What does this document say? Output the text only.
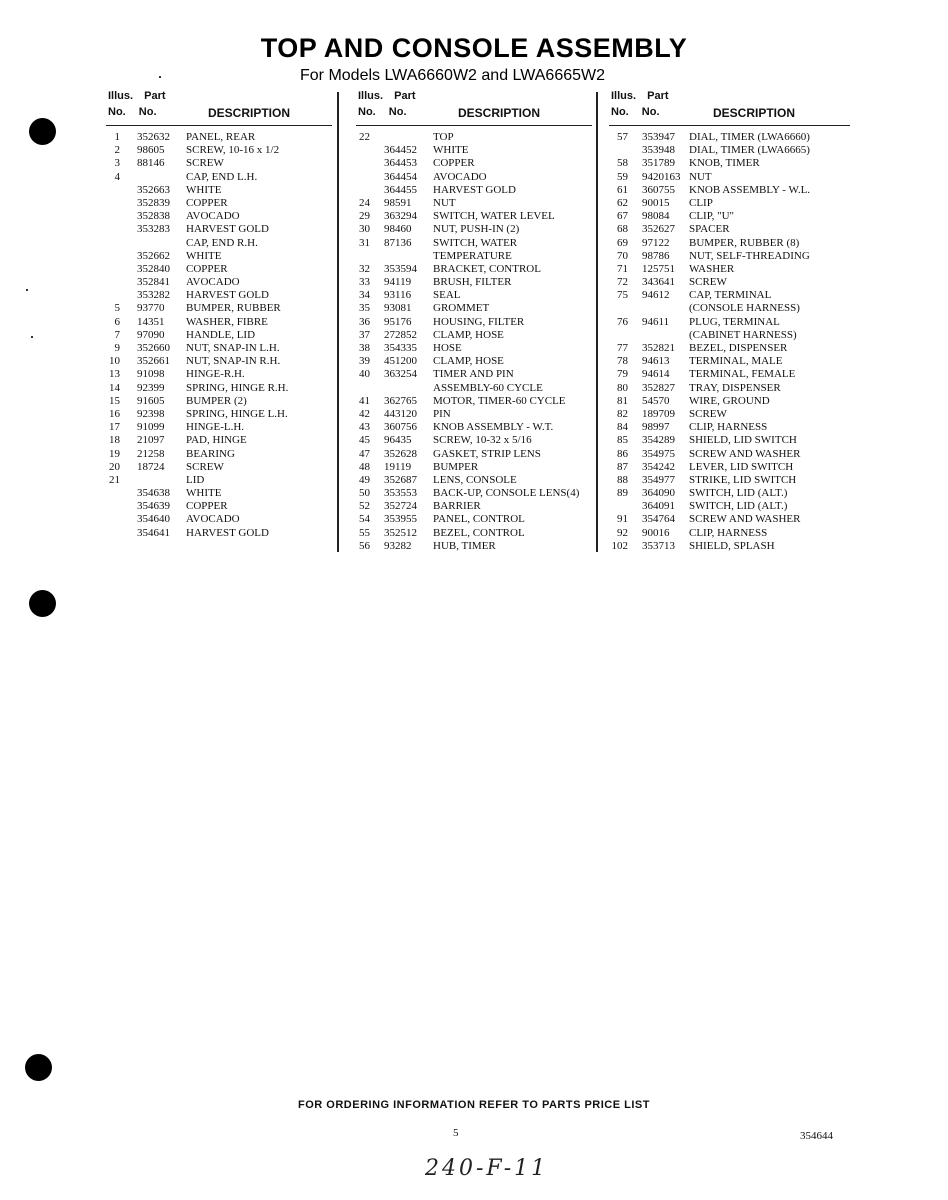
TOP AND CONSOLE ASSEMBLY
For Models LWA6660W2 and LWA6665W2
Illus. Part
No. No.	DESCRIPTION
1 352632 PANEL, REAR
2 98605 SCREW, 10-16 x 1/2
3 88146 SCREW
4	CAP, END L.H.
352663 WHITE
352839 COPPER
352838 AVOCADO
353283 HARVEST GOLD
CAP, END R.H.
352662 WHITE
352840 COPPER
352841 AVOCADO
353282 HARVEST GOLD
5 93770 BUMPER, RUBBER
6 14351 WASHER, FIBRE
7 97090 HANDLE, LID
9 352660 NUT, SNAP-IN L.H.
10 352661 NUT, SNAP-IN R.H.
13 91098 HINGE-R.H.
14 92399 SPRING, HINGE R.H.
15 91605 BUMPER (2)
16 92398 SPRING, HINGE L.H.
17 91099 HINGE-L.H.
18 21097 PAD, HINGE
19 21258 BEARING
20 18724 SCREW
21	LID
354638 WHITE
354639 COPPER
354640 AVOCADO
354641 HARVEST GOLD
Illus. Part
No. No.	DESCRIPTION
22	TOP
364452 WHITE
364453 COPPER
364454 AVOCADO
364455 HARVEST GOLD
24 98591 NUT
29 363294 SWITCH, WATER LEVEL
30 98460 NUT, PUSH-IN (2)
31 87136 SWITCH, WATER
TEMPERATURE
32 353594 BRACKET, CONTROL
33 94119 BRUSH, FILTER
34 93116 SEAL
35 93081 GROMMET
36 95176 HOUSING, FILTER
37 272852 CLAMP, HOSE
38 354335 HOSE
39 451200 CLAMP, HOSE
40 363254 TIMER AND PIN
ASSEMBLY-60 CYCLE
41 362765 MOTOR, TIMER-60 CYCLE
42 443120 PIN
43 360756 KNOB ASSEMBLY - W.T.
45 96435 SCREW, 10-32 x 5/16
47 352628 GASKET, STRIP LENS
48 19119 BUMPER
49 352687 LENS, CONSOLE
50 353553 BACK-UP, CONSOLE LENS(4)
52 352724 BARRIER
54 353955 PANEL, CONTROL
55 352512 BEZEL, CONTROL
56 93282 HUB, TIMER
Illus. Part
No. No.	DESCRIPTION
57 353947 DIAL, TIMER (LWA6660)
353948 DIAL, TIMER (LWA6665)
58 351789 KNOB, TIMER
59 9420163 NUT
61 360755 KNOB ASSEMBLY - W.L.
62 90015 CLIP
67 98084 CLIP, "U"
68 352627 SPACER
69 97122 BUMPER, RUBBER (8)
70 98786 NUT, SELF-THREADING
71 125751 WASHER
72 343641 SCREW
75 94612 CAP, TERMINAL
(CONSOLE HARNESS)
76 94611 PLUG, TERMINAL
(CABINET HARNESS)
77 352821 BEZEL, DISPENSER
78 94613 TERMINAL, MALE
79 94614 TERMINAL, FEMALE
80 352827 TRAY, DISPENSER
81 54570 WIRE, GROUND
82 189709 SCREW
84 98997 CLIP, HARNESS
85 354289 SHIELD, LID SWITCH
86 354975 SCREW AND WASHER
87 354242 LEVER, LID SWITCH
88 354977 STRIKE, LID SWITCH
89 364090 SWITCH, LID (ALT.)
364091 SWITCH, LID (ALT.)
91 354764 SCREW AND WASHER
92 90016 CLIP, HARNESS
102 353713 SHIELD, SPLASH
FOR ORDERING INFORMATION REFER TO PARTS PRICE LIST
5	354644
240-F-11
